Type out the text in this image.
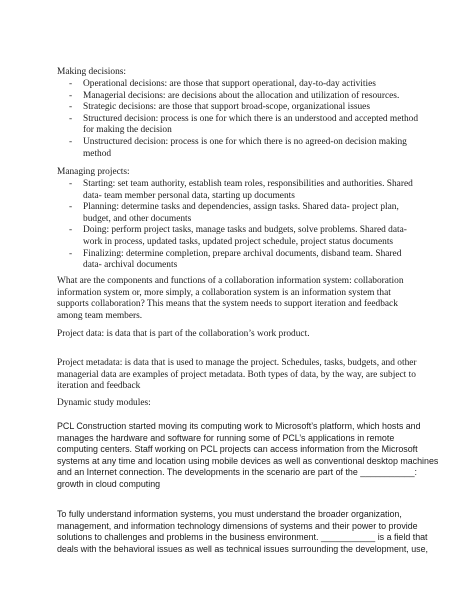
Making decisions:

- Operational decisions: are those that support operational, day-to-day activities
- Managerial decisions: are decisions about the allocation and utilization of resources.
- Strategic decisions: are those that support broad-scope, organizational issues
- Structured decision: process is one for which there is an understood and accepted method
for making the decision
- Unstructured decision: process is one for which there is no agreed-on decision making
method

Managing projects:

- Starting: set team authority, establish team roles, responsibilities and authorities. Shared
data- team member personal data, starting up documents
- Planning: determine tasks and dependencies, assign tasks. Shared data- project plan,
budget, and other documents
- Doing: perform project tasks, manage tasks and budgets, solve problems. Shared data-
work in process, updated tasks, updated project schedule, project status documents
- Finalizing: determine completion, prepare archival documents, disband team. Shared
data- archival documents
What are the components and functions of a collaboration information system: collaboration
information system or, more simply, a collaboration system is an information system that
supports collaboration? This means that the system needs to support iteration and feedback
among team members.
Project data: is data that is part of the collaboration’s work product.
Project metadata: is data that is used to manage the project. Schedules, tasks, budgets, and other
managerial data are examples of project metadata. Both types of data, by the way, are subject to
iteration and feedback
Dynamic study modules:
PCL Construction started moving its computing work to Microsoft’s platform, which hosts and
manages the hardware and software for running some of PCL’s applications in remote
computing centers. Staff working on PCL projects can access information from the Microsoft
systems at any time and location using mobile devices as well as conventional desktop machines
and an Internet connection. The developments in the scenario are part of the ___________:
growth in cloud computing
To fully understand information systems, you must understand the broader organization,
management, and information technology dimensions of systems and their power to provide
solutions to challenges and problems in the business environment. ___________ is a field that
deals with the behavioral issues as well as technical issues surrounding the development, use,
